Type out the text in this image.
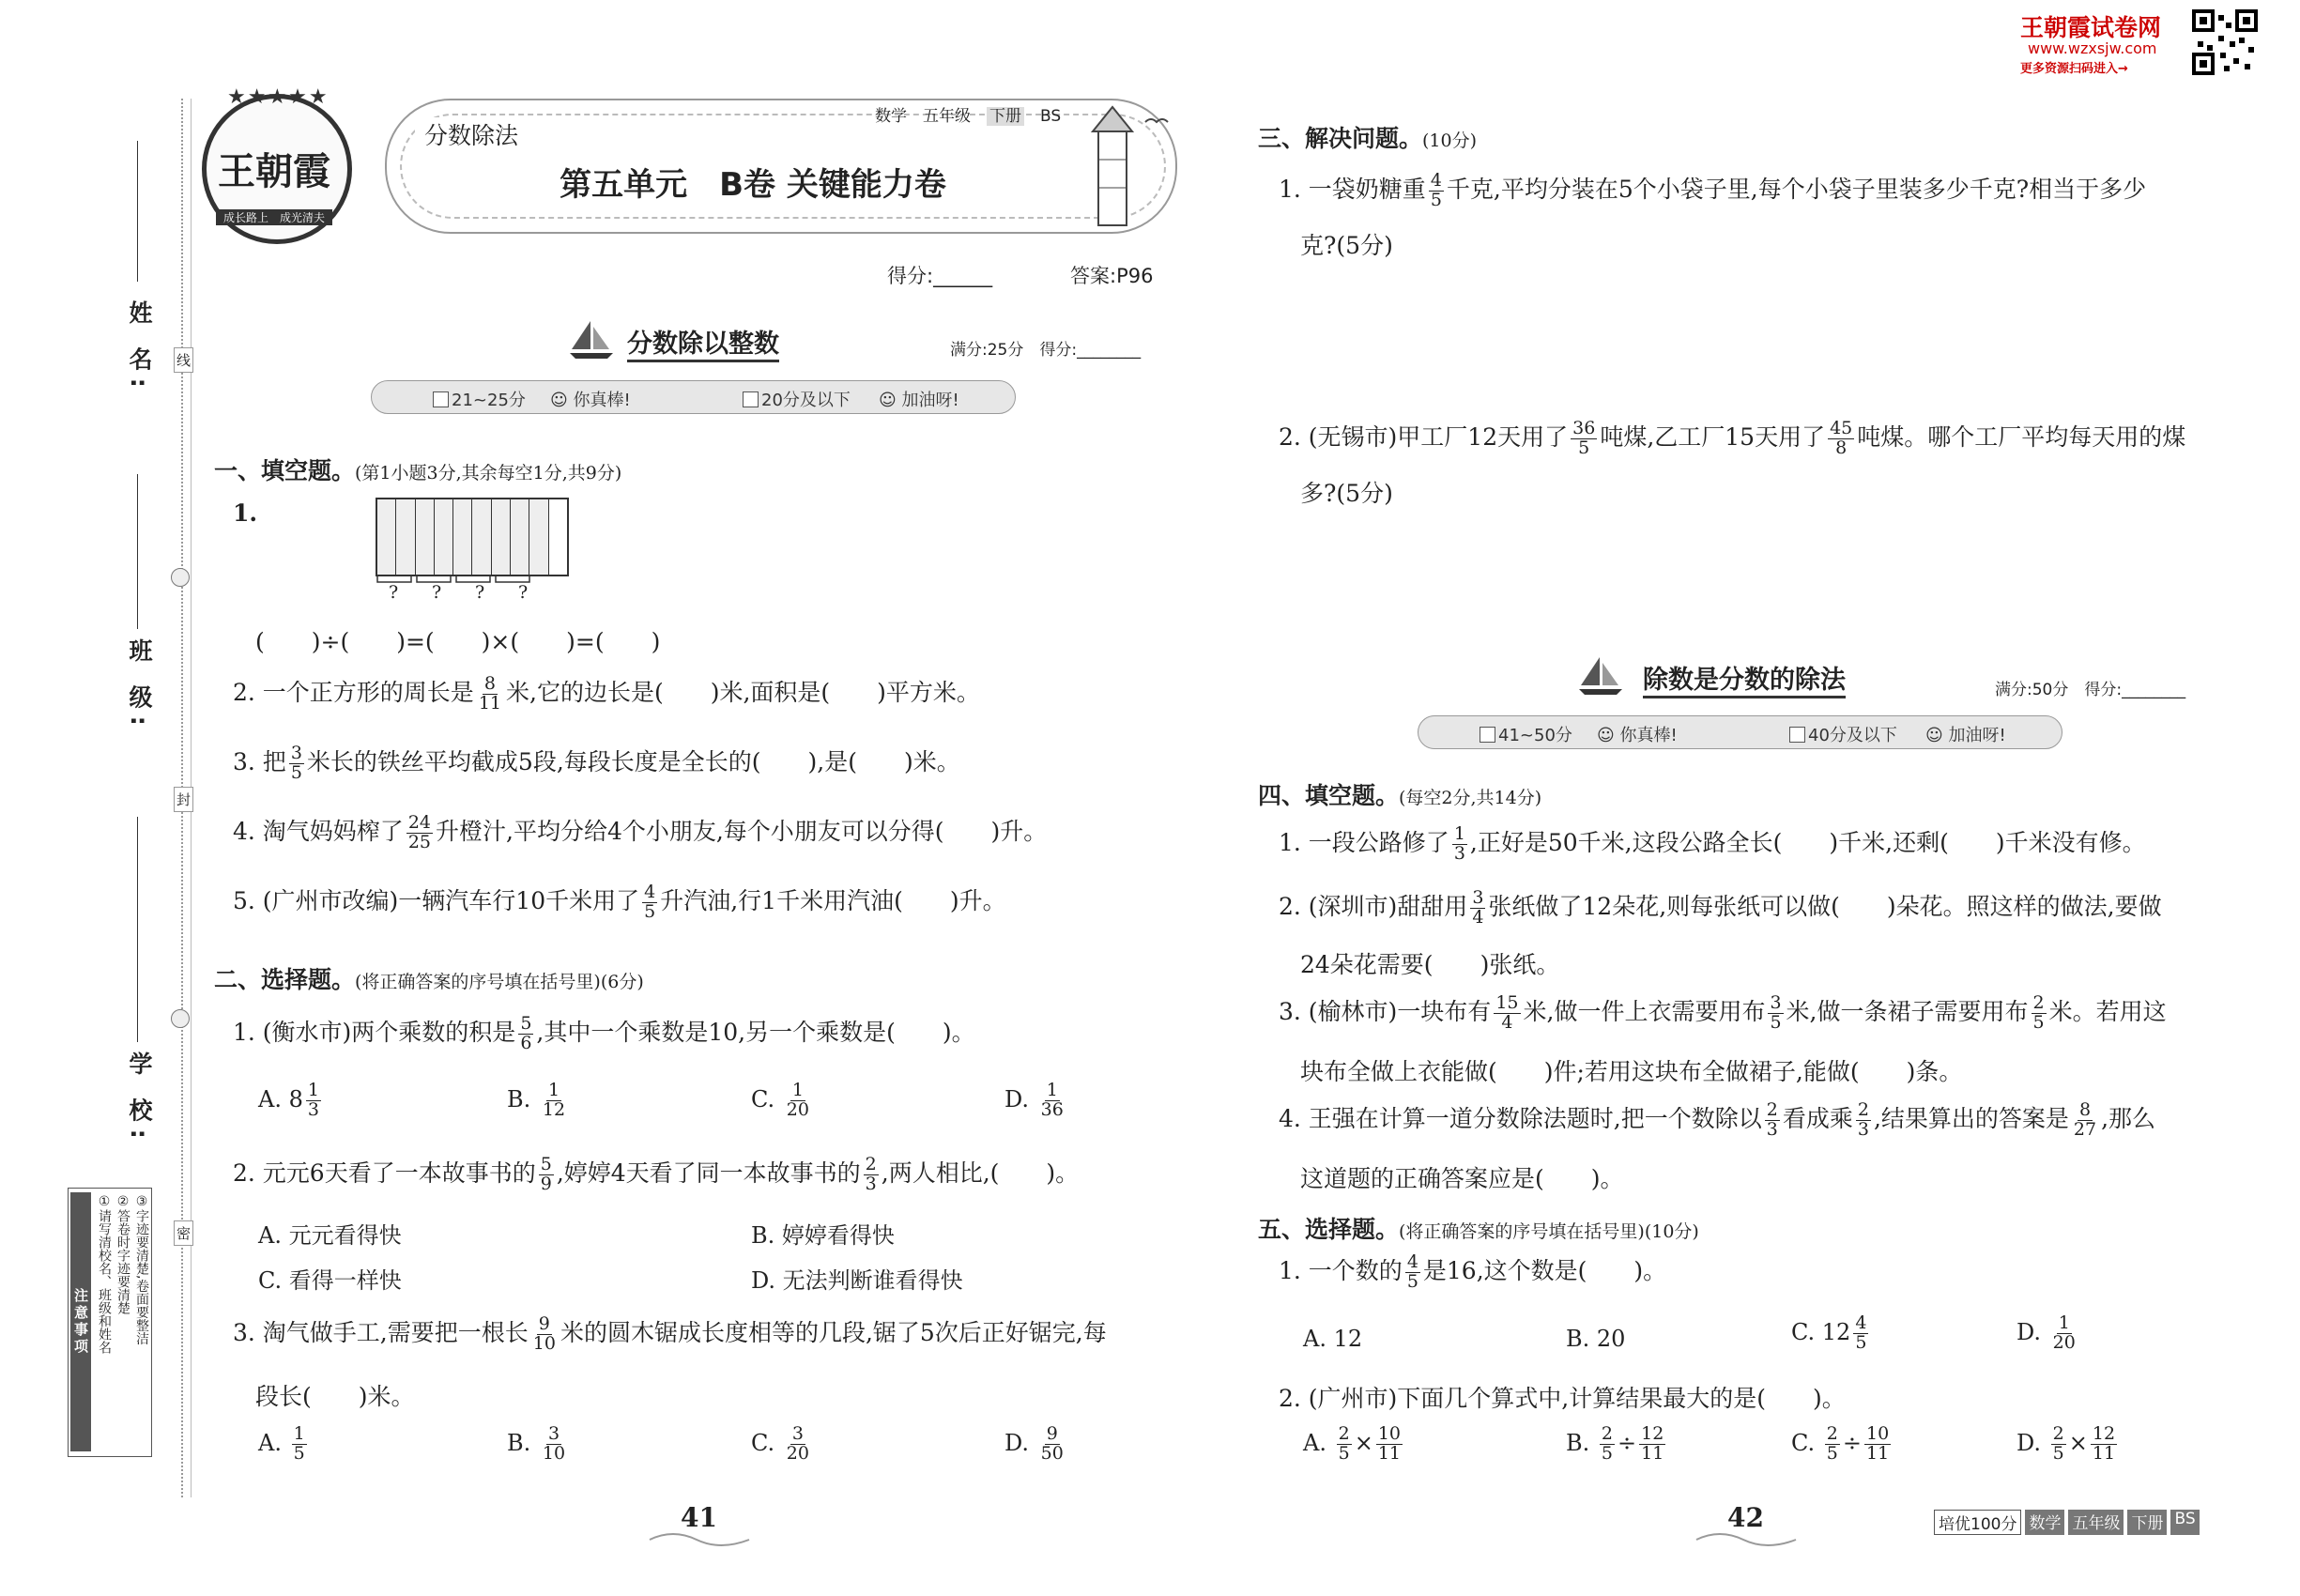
姓 名:
班 级:
学 校:
线
封
密
注意事项 ①请写清校名、班级和姓名 ②答卷时字迹要清楚 ③字迹要清楚,卷面要整洁
★★★★★
王朝霞
成长路上　 成光清夫
分数除法
数学　 五年级　 下册　 BS
第五单元　B卷 关键能力卷
得分:______	答案:P96
王朝霞试卷网
www.wzxsjw.com
更多资源扫码进入→
分数除以整数	满分:25分　得分:________
21~25分 ☺ 你真棒!	20分及以下 ☺ 加油呀!
一、填空题。(第1小题3分,其余每空1分,共9分)
1.
? ? ? ?
(　　)÷(　　)=(　　)×(　　)=(　　)
2. 一个正方形的周长是 $\frac{8}{11}$ 米,它的边长是(　　)米,面积是(　　)平方米。
3. 把 $\frac{3}{5}$ 米长的铁丝平均截成5段,每段长度是全长的(　　),是(　　)米。
4. 淘气妈妈榨了 $\frac{24}{25}$ 升橙汁,平均分给4个小朋友,每个小朋友可以分得(　　)升。
5. (广州市改编)一辆汽车行10千米用了 $\frac{4}{5}$ 升汽油,行1千米用汽油(　　)升。
二、选择题。(将正确答案的序号填在括号里)(6分)
1. (衡水市)两个乘数的积是 $\frac{5}{6}$ ,其中一个乘数是10,另一个乘数是(　　)。
A. $8 \frac{1}{3}$	B. $\frac{1}{12}$	C. $\frac{1}{20}$	D. $\frac{1}{36}$
2. 元元6天看了一本故事书的 $\frac{5}{9}$ ,婷婷4天看了同一本故事书的 $\frac{2}{3}$ ,两人相比,(　　)。
A. 元元看得快	B. 婷婷看得快
C. 看得一样快	D. 无法判断谁看得快
3. 淘气做手工,需要把一根长 $\frac{9}{10}$ 米的圆木锯成长度相等的几段,锯了5次后正好锯完,每
段长(　　)米。
A. $\frac{1}{5}$	B. $\frac{3}{10}$	C. $\frac{3}{20}$	D. $\frac{9}{50}$
41
三、解决问题。(10分)
1. 一袋奶糖重 $\frac{4}{5}$ 千克,平均分装在5个小袋子里,每个小袋子里装多少千克?相当于多少
克?(5分)
2. (无锡市)甲工厂12天用了 $\frac{36}{5}$ 吨煤,乙工厂15天用了 $\frac{45}{8}$ 吨煤。哪个工厂平均每天用的煤
多?(5分)
除数是分数的除法	满分:50分　得分:________
41~50分 ☺ 你真棒!	40分及以下 ☺ 加油呀!
四、填空题。(每空2分,共14分)
1. 一段公路修了 $\frac{1}{3}$ ,正好是50千米,这段公路全长(　　)千米,还剩(　　)千米没有修。
2. (深圳市)甜甜用 $\frac{3}{4}$ 张纸做了12朵花,则每张纸可以做(　　)朵花。照这样的做法,要做
24朵花需要(　　)张纸。
3. (榆林市)一块布有 $\frac{15}{4}$ 米,做一件上衣需要用布 $\frac{3}{5}$ 米,做一条裙子需要用布 $\frac{2}{5}$ 米。若用这
块布全做上衣能做(　　)件;若用这块布全做裙子,能做(　　)条。
4. 王强在计算一道分数除法题时,把一个数除以 $\frac{2}{3}$ 看成乘 $\frac{2}{3}$ ,结果算出的答案是 $\frac{8}{27}$ ,那么
这道题的正确答案应是(　　)。
五、选择题。(将正确答案的序号填在括号里)(10分)
1. 一个数的 $\frac{4}{5}$ 是16,这个数是(　　)。
A. 12	B. 20	C. $12 \frac{4}{5}$	D. $\frac{1}{20}$
2. (广州市)下面几个算式中,计算结果最大的是(　　)。
A. $\frac{2}{5} \times \frac{10}{11}$	B. $\frac{2}{5} \div \frac{12}{11}$	C. $\frac{2}{5} \div \frac{10}{11}$	D. $\frac{2}{5} \times \frac{12}{11}$
42	培优100分 数学 五年级 下册 BS
